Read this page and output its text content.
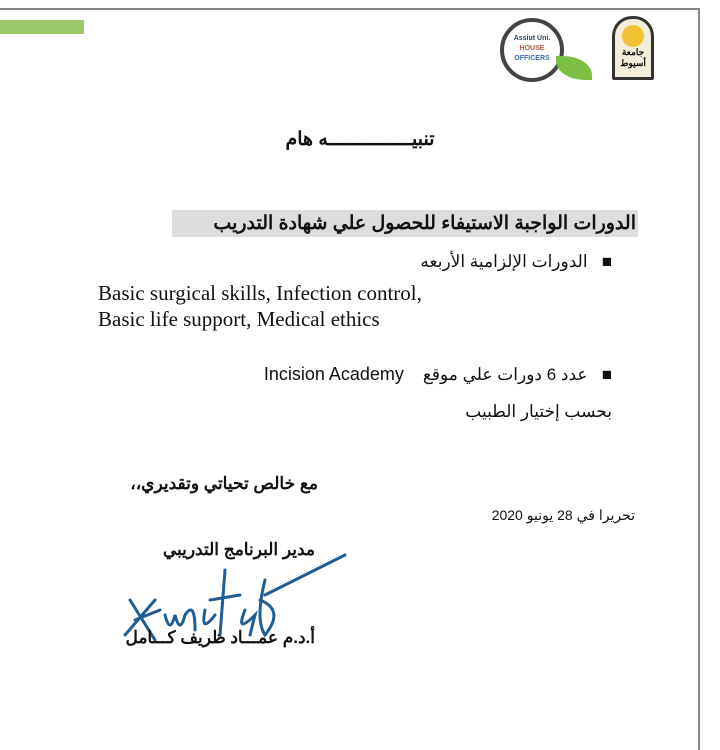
Assiut Uni.
HOUSE
OFFICERS
جامعة أسيوط
تنبيـــــــــــــــه هام
الدورات الواجبة الاستيفاء للحصول علي شهادة التدريب
■   الدورات الإلزامية الأربعه
Basic surgical skills, Infection control,
Basic life support, Medical ethics
■   عدد 6 دورات علي موقع    Incision Academy
بحسب إختيار الطبيب
مع خالص تحياتي وتقديري،،
تحريرا في 28 يونيو 2020
مدير البرنامج التدريبي
أ.د.م عمـــاد ظريف كـــامل
